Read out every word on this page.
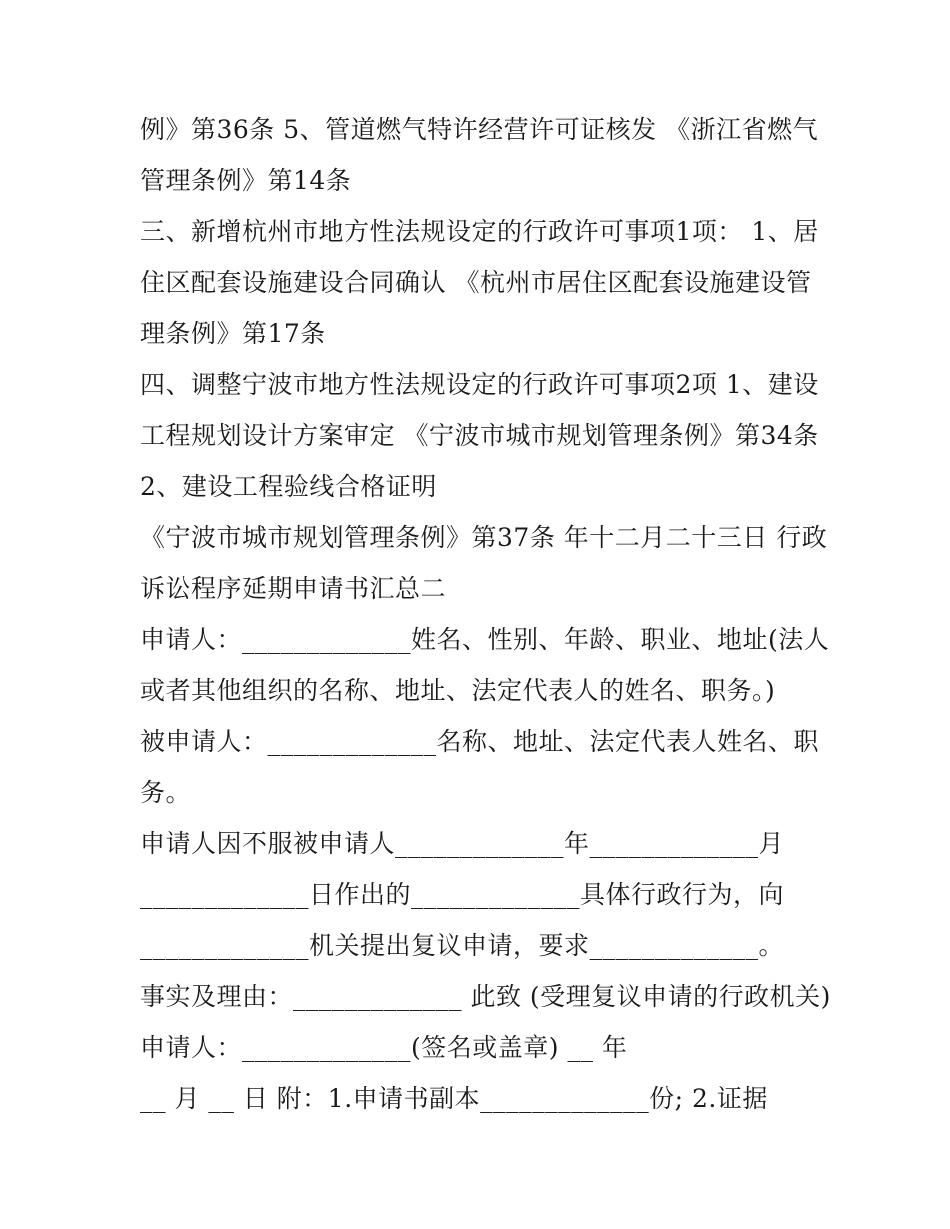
例》第36条 5、管道燃气特许经营许可证核发 《浙江省燃气
管理条例》第14条
三、新增杭州市地方性法规设定的行政许可事项1项： 1、居
住区配套设施建设合同确认 《杭州市居住区配套设施建设管
理条例》第17条
四、调整宁波市地方性法规设定的行政许可事项2项 1、建设
工程规划设计方案审定 《宁波市城市规划管理条例》第34条
2、建设工程验线合格证明
《宁波市城市规划管理条例》第37条 年十二月二十三日 行政
诉讼程序延期申请书汇总二
申请人：_____________姓名、性别、年龄、职业、地址(法人
或者其他组织的名称、地址、法定代表人的姓名、职务。)
被申请人：_____________名称、地址、法定代表人姓名、职
务。
申请人因不服被申请人_____________年_____________月
_____________日作出的_____________具体行政行为，向
_____________机关提出复议申请，要求_____________。
事实及理由：_____________ 此致 (受理复议申请的行政机关)
申请人：_____________(签名或盖章) __ 年
__ 月 __ 日 附：1.申请书副本_____________份; 2.证据
